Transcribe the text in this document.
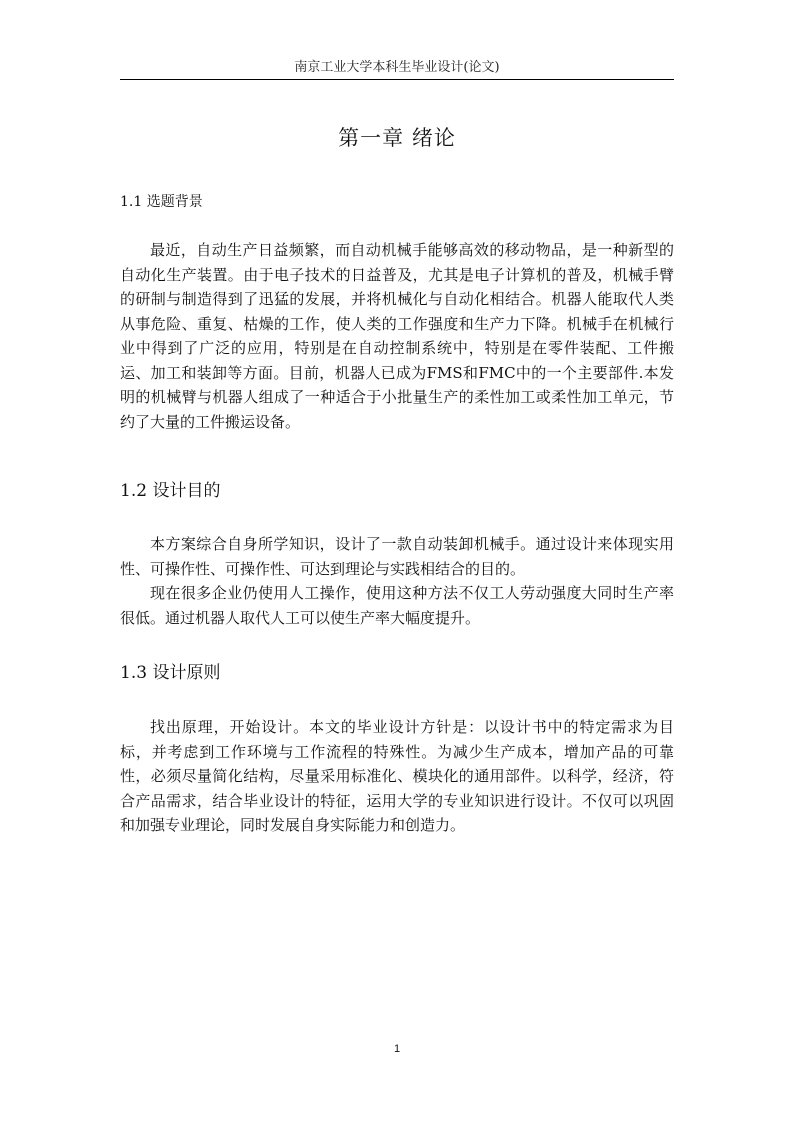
南京工业大学本科生毕业设计(论文)
第一章 绪论
1.1 选题背景

最近，自动生产日益频繁，而自动机械手能够高效的移动物品，是一种新型的自动化生产装置。由于电子技术的日益普及，尤其是电子计算机的普及，机械手臂的研制与制造得到了迅猛的发展，并将机械化与自动化相结合。机器人能取代人类从事危险、重复、枯燥的工作，使人类的工作强度和生产力下降。机械手在机械行业中得到了广泛的应用，特别是在自动控制系统中，特别是在零件装配、工件搬运、加工和装卸等方面。目前，机器人已成为FMS和FMC中的一个主要部件.本发明的机械臂与机器人组成了一种适合于小批量生产的柔性加工或柔性加工单元，节约了大量的工件搬运设备。

1.2 设计目的

本方案综合自身所学知识，设计了一款自动装卸机械手。通过设计来体现实用性、可操作性、可操作性、可达到理论与实践相结合的目的。

现在很多企业仍使用人工操作，使用这种方法不仅工人劳动强度大同时生产率很低。通过机器人取代人工可以使生产率大幅度提升。

1.3 设计原则

找出原理，开始设计。本文的毕业设计方针是：以设计书中的特定需求为目标，并考虑到工作环境与工作流程的特殊性。为减少生产成本，增加产品的可靠性，必须尽量简化结构，尽量采用标准化、模块化的通用部件。以科学，经济，符合产品需求，结合毕业设计的特征，运用大学的专业知识进行设计。不仅可以巩固和加强专业理论，同时发展自身实际能力和创造力。

1
